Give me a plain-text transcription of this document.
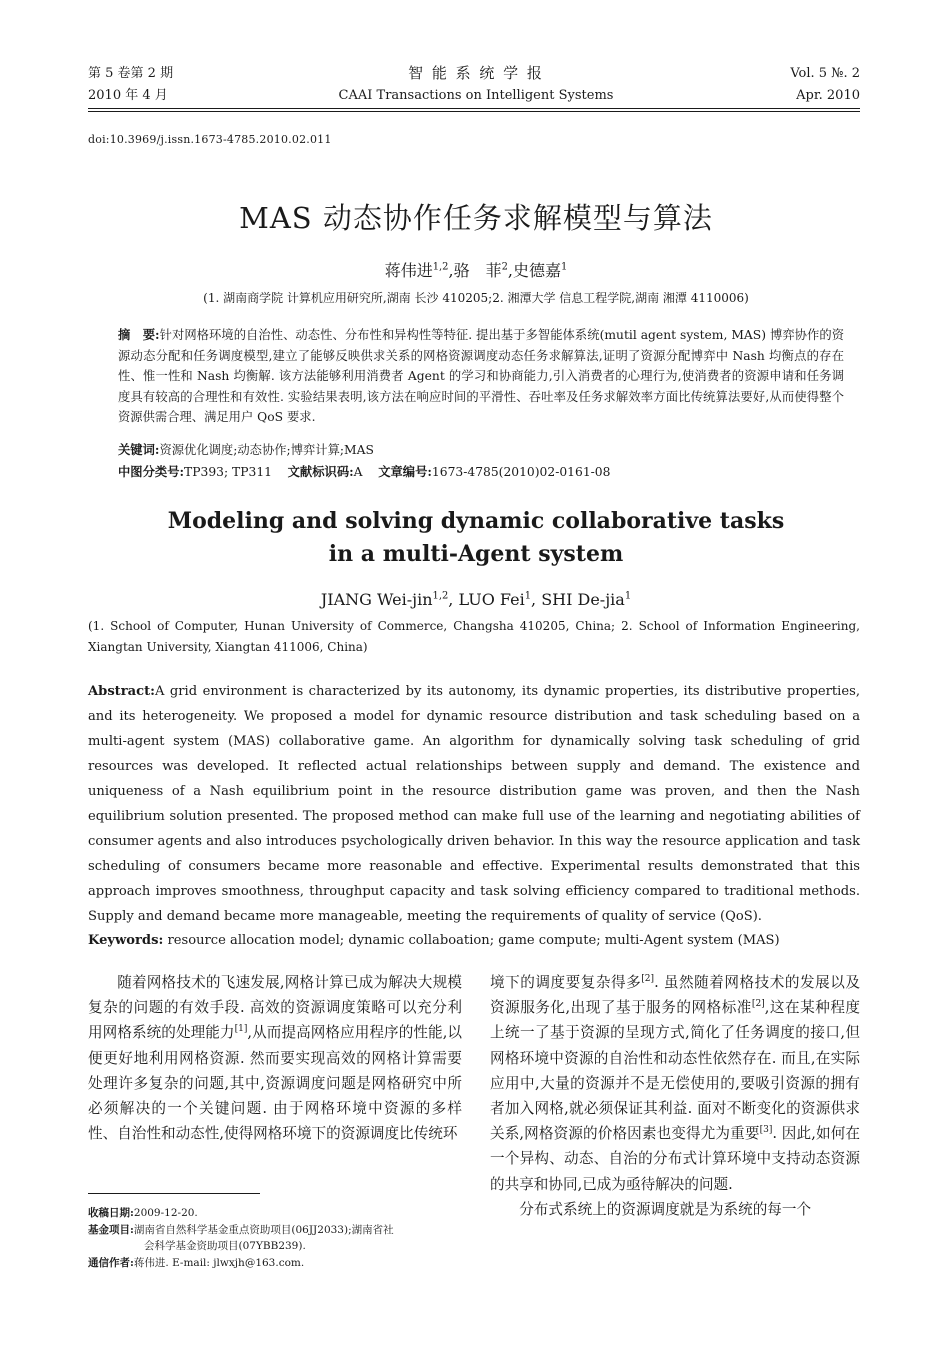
第 5 卷第 2 期
2010 年 4 月
智 能 系 统 学 报
CAAI Transactions on Intelligent Systems
Vol. 5 №. 2
Apr. 2010
doi:10.3969/j.issn.1673-4785.2010.02.011
MAS 动态协作任务求解模型与算法
蒋伟进$^{1,2}$,骆　菲$^2$,史德嘉$^1$
(1. 湖南商学院 计算机应用研究所,湖南 长沙 410205;2. 湘潭大学 信息工程学院,湖南 湘潭 4110006)
摘　要:针对网格环境的自治性、动态性、分布性和异构性等特征. 提出基于多智能体系统(mutil agent system, MAS) 博弈协作的资源动态分配和任务调度模型,建立了能够反映供求关系的网格资源调度动态任务求解算法,证明了资源分配博弈中 Nash 均衡点的存在性、惟一性和 Nash 均衡解. 该方法能够利用消费者 Agent 的学习和协商能力,引入消费者的心理行为,使消费者的资源申请和任务调度具有较高的合理性和有效性. 实验结果表明,该方法在响应时间的平滑性、吞吐率及任务求解效率方面比传统算法要好,从而使得整个资源供需合理、满足用户 QoS 要求.
关键词:资源优化调度;动态协作;博弈计算;MAS
中图分类号:TP393; TP311 文献标识码:A 文章编号:1673-4785(2010)02-0161-08
Modeling and solving dynamic collaborative tasks
in a multi-Agent system
JIANG Wei-jin$^{1,2}$, LUO Fei$^1$, SHI De-jia$^1$
(1. School of Computer, Hunan University of Commerce, Changsha 410205, China; 2. School of Information Engineering, Xiangtan University, Xiangtan 411006, China)
Abstract:A grid environment is characterized by its autonomy, its dynamic properties, its distributive properties, and its heterogeneity. We proposed a model for dynamic resource distribution and task scheduling based on a multi-agent system (MAS) collaborative game. An algorithm for dynamically solving task scheduling of grid resources was developed. It reflected actual relationships between supply and demand. The existence and uniqueness of a Nash equilibrium point in the resource distribution game was proven, and then the Nash equilibrium solution presented. The proposed method can make full use of the learning and negotiating abilities of consumer agents and also introduces psychologically driven behavior. In this way the resource application and task scheduling of consumers became more reasonable and effective. Experimental results demonstrated that this approach improves smoothness, throughput capacity and task solving efficiency compared to traditional methods. Supply and demand became more manageable, meeting the requirements of quality of service (QoS).
Keywords: resource allocation model; dynamic collaboation; game compute; multi-Agent system (MAS)
随着网格技术的飞速发展,网格计算已成为解决大规模复杂的问题的有效手段. 高效的资源调度策略可以充分利用网格系统的处理能力[1],从而提高网格应用程序的性能,以便更好地利用网格资源. 然而要实现高效的网格计算需要处理许多复杂的问题,其中,资源调度问题是网格研究中所必须解决的一个关键问题. 由于网格环境中资源的多样性、自治性和动态性,使得网格环境下的资源调度比传统环
收稿日期:2009-12-20.
基金项目:湖南省自然科学基金重点资助项目(06JJ2033);湖南省社
会科学基金资助项目(07YBB239).
通信作者:蒋伟进. E-mail: jlwxjh@163.com.
境下的调度要复杂得多[2]. 虽然随着网格技术的发展以及资源服务化,出现了基于服务的网格标准[2],这在某种程度上统一了基于资源的呈现方式,简化了任务调度的接口,但网格环境中资源的自治性和动态性依然存在. 而且,在实际应用中,大量的资源并不是无偿使用的,要吸引资源的拥有者加入网格,就必须保证其利益. 面对不断变化的资源供求关系,网格资源的价格因素也变得尤为重要[3]. 因此,如何在一个异构、动态、自治的分布式计算环境中支持动态资源的共享和协同,已成为亟待解决的问题.
分布式系统上的资源调度就是为系统的每一个
